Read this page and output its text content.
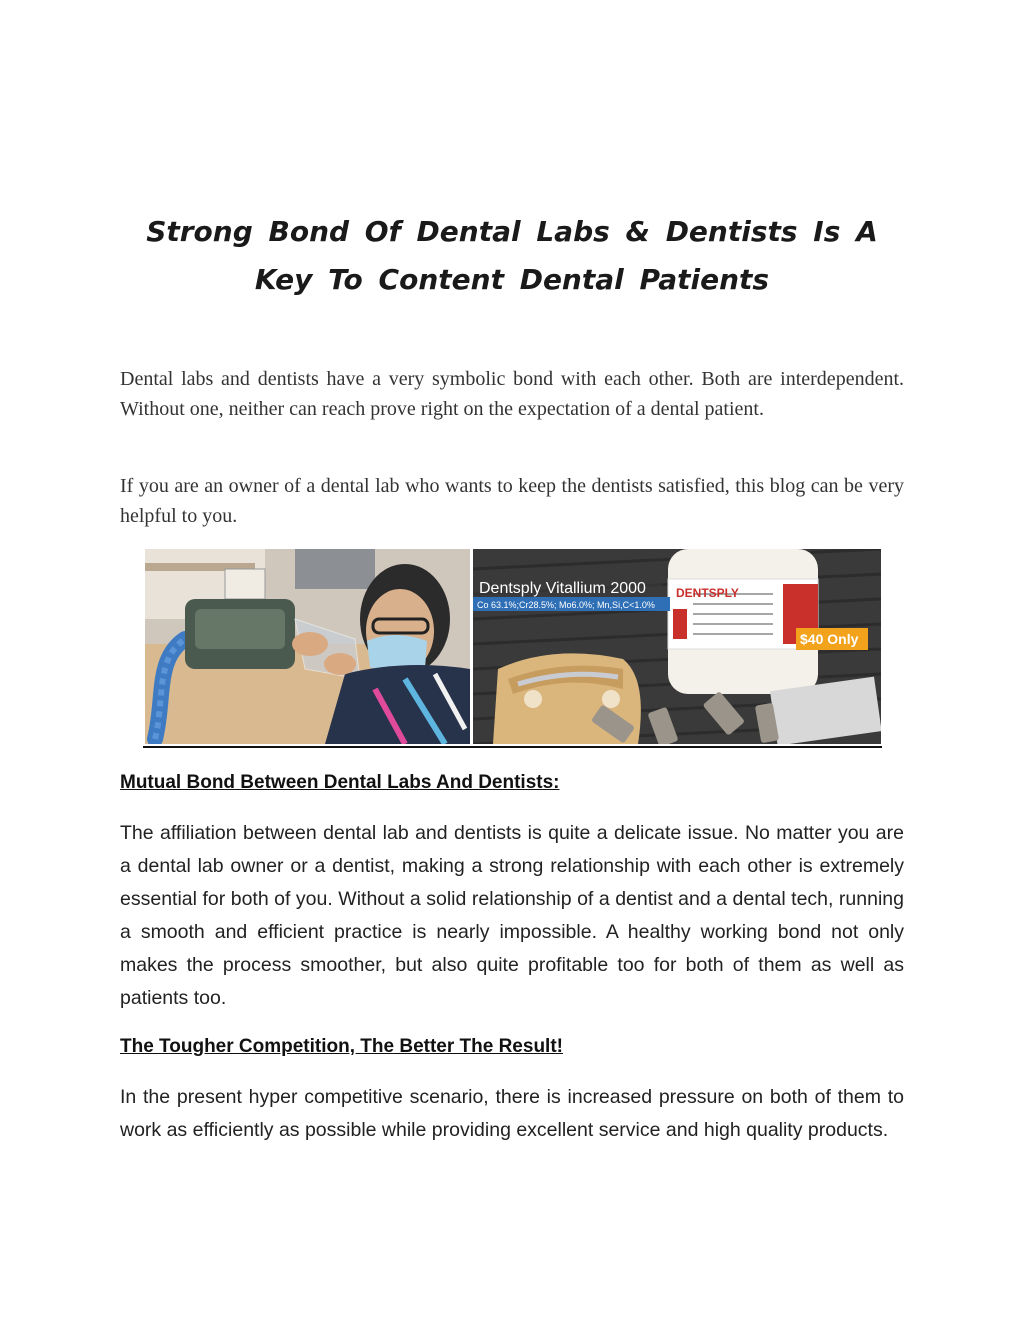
Strong Bond Of Dental Labs & Dentists Is A Key To Content Dental Patients

Dental labs and dentists have a very symbolic bond with each other. Both are interdependent. Without one, neither can reach prove right on the expectation of a dental patient.

If you are an owner of a dental lab who wants to keep the dentists satisfied, this blog can be very helpful to you.

DENTSPLY
Dentsply Vitallium 2000
Co 63.1%;Cr28.5%; Mo6.0%; Mn,Si,C<1.0%
$40 Only
Mutual Bond Between Dental Labs And Dentists:

The affiliation between dental lab and dentists is quite a delicate issue. No matter you are a dental lab owner or a dentist, making a strong relationship with each other is extremely essential for both of you. Without a solid relationship of a dentist and a dental tech, running a smooth and efficient practice is nearly impossible. A healthy working bond not only makes the process smoother, but also quite profitable too for both of them as well as patients too.

The Tougher Competition, The Better The Result!

In the present hyper competitive scenario, there is increased pressure on both of them to work as efficiently as possible while providing excellent service and high quality products.
